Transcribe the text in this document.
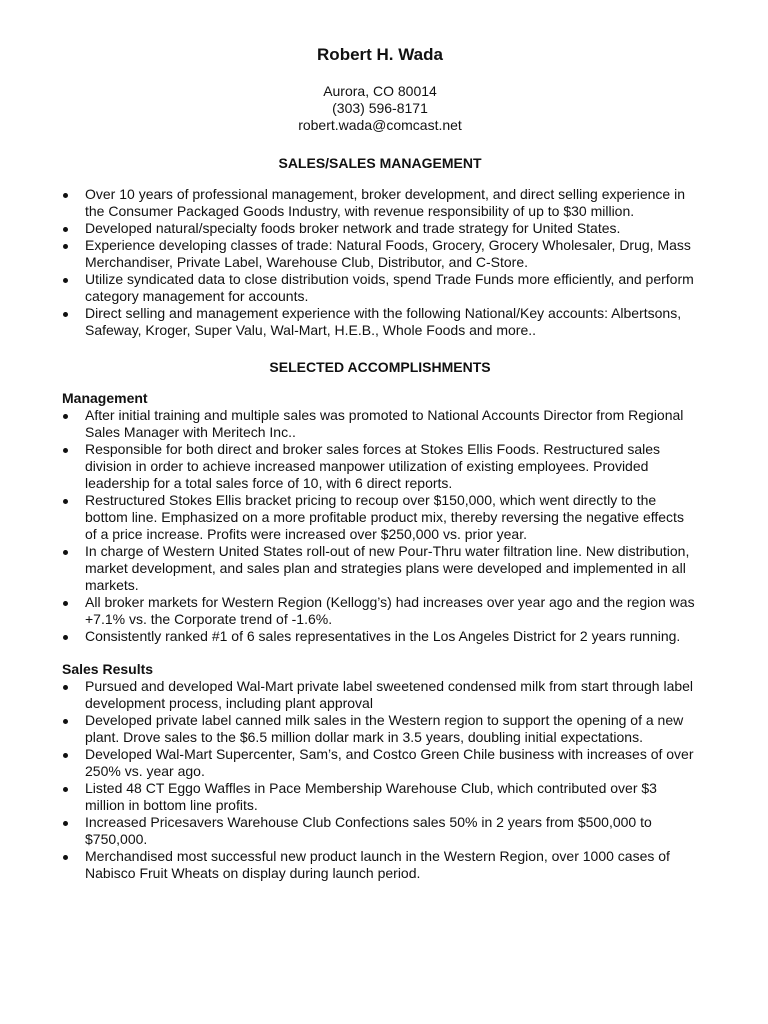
Robert H. Wada
Aurora, CO 80014
(303) 596-8171
robert.wada@comcast.net
SALES/SALES MANAGEMENT
Over 10 years of professional management, broker development, and direct selling experience in the Consumer Packaged Goods Industry, with revenue responsibility of up to $30 million.
Developed natural/specialty foods broker network and trade strategy for United States.
Experience developing classes of trade: Natural Foods, Grocery, Grocery Wholesaler, Drug, Mass Merchandiser, Private Label, Warehouse Club, Distributor, and C-Store.
Utilize syndicated data to close distribution voids, spend Trade Funds more efficiently, and perform category management for accounts.
Direct selling and management experience with the following National/Key accounts: Albertsons, Safeway, Kroger, Super Valu, Wal-Mart, H.E.B., Whole Foods and more..
SELECTED ACCOMPLISHMENTS
Management
After initial training and multiple sales was promoted to National Accounts Director from Regional Sales Manager with Meritech Inc..
Responsible for both direct and broker sales forces at Stokes Ellis Foods. Restructured sales division in order to achieve increased manpower utilization of existing employees. Provided leadership for a total sales force of 10, with 6 direct reports.
Restructured Stokes Ellis bracket pricing to recoup over $150,000, which went directly to the bottom line. Emphasized on a more profitable product mix, thereby reversing the negative effects of a price increase. Profits were increased over $250,000 vs. prior year.
In charge of Western United States roll-out of new Pour-Thru water filtration line. New distribution, market development, and sales plan and strategies plans were developed and implemented in all markets.
All broker markets for Western Region (Kellogg’s) had increases over year ago and the region was +7.1% vs. the Corporate trend of -1.6%.
Consistently ranked #1 of 6 sales representatives in the Los Angeles District for 2 years running.
Sales Results
Pursued and developed Wal-Mart private label sweetened condensed milk from start through label development process, including plant approval
Developed private label canned milk sales in the Western region to support the opening of a new plant. Drove sales to the $6.5 million dollar mark in 3.5 years, doubling initial expectations.
Developed Wal-Mart Supercenter, Sam’s, and Costco Green Chile business with increases of over 250% vs. year ago.
Listed 48 CT Eggo Waffles in Pace Membership Warehouse Club, which contributed over $3 million in bottom line profits.
Increased Pricesavers Warehouse Club Confections sales 50% in 2 years from $500,000 to $750,000.
Merchandised most successful new product launch in the Western Region, over 1000 cases of Nabisco Fruit Wheats on display during launch period.
